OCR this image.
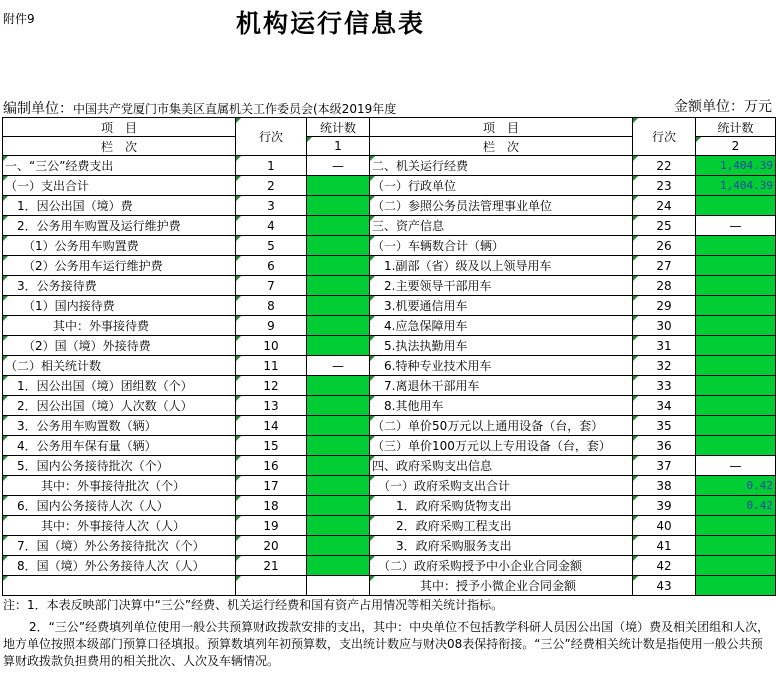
附件9	机构运行信息表
编制单位：中国共产党厦门市集美区直属机关工作委员会(本级2019年度	金额单位：万元
项　目	行次	统计数	项　目	行次	统计数
栏　次		1	栏　次		2
一、“三公”经费支出	1	—	二、机关运行经费	22	1,404.39
（一）支出合计	2		（一）行政单位	23	1,404.39
　1．因公出国（境）费	3		（二）参照公务员法管理事业单位	24	
　2．公务用车购置及运行维护费	4		三、资产信息	25	—
　　（1）公务用车购置费	5		（一）车辆数合计（辆）	26	
　　（2）公务用车运行维护费	6		　1.副部（省）级及以上领导用车	27	
　3．公务接待费	7		　2.主要领导干部用车	28	
　　（1）国内接待费	8		　3.机要通信用车	29	
　　　　其中：外事接待费	9		　4.应急保障用车	30	
　　（2）国（境）外接待费	10		　5.执法执勤用车	31	
（二）相关统计数	11	—	　6.特种专业技术用车	32	
　1．因公出国（境）团组数（个）	12		　7.离退休干部用车	33	
　2．因公出国（境）人次数（人）	13		　8.其他用车	34	
　3．公务用车购置数（辆）	14		（二）单价50万元以上通用设备（台，套）	35	
　4．公务用车保有量（辆）	15		（三）单价100万元以上专用设备（台，套）	36	
　5．国内公务接待批次（个）	16		四、政府采购支出信息	37	—
　　　其中：外事接待批次（个）	17		　（一）政府采购支出合计	38	0.42
　6．国内公务接待人次（人）	18		　　1．政府采购货物支出	39	0.42
　　　其中：外事接待人次（人）	19		　　2．政府采购工程支出	40	
　7．国（境）外公务接待批次（个）	20		　　3．政府采购服务支出	41	
　8．国（境）外公务接待人次（人）	21		　（二）政府采购授予中小企业合同金额	42	
			　　　　其中：授予小微企业合同金额	43	

注：1．本表反映部门决算中“三公”经费、机关运行经费和国有资产占用情况等相关统计指标。

2．“三公”经费填列单位使用一般公共预算财政拨款安排的支出，其中：中央单位不包括教学科研人员因公出国（境）费及相关团组和人次，地方单位按照本级部门预算口径填报。预算数填列年初预算数，支出统计数应与财决08表保持衔接。“三公”经费相关统计数是指使用一般公共预算财政拨款负担费用的相关批次、人次及车辆情况。
